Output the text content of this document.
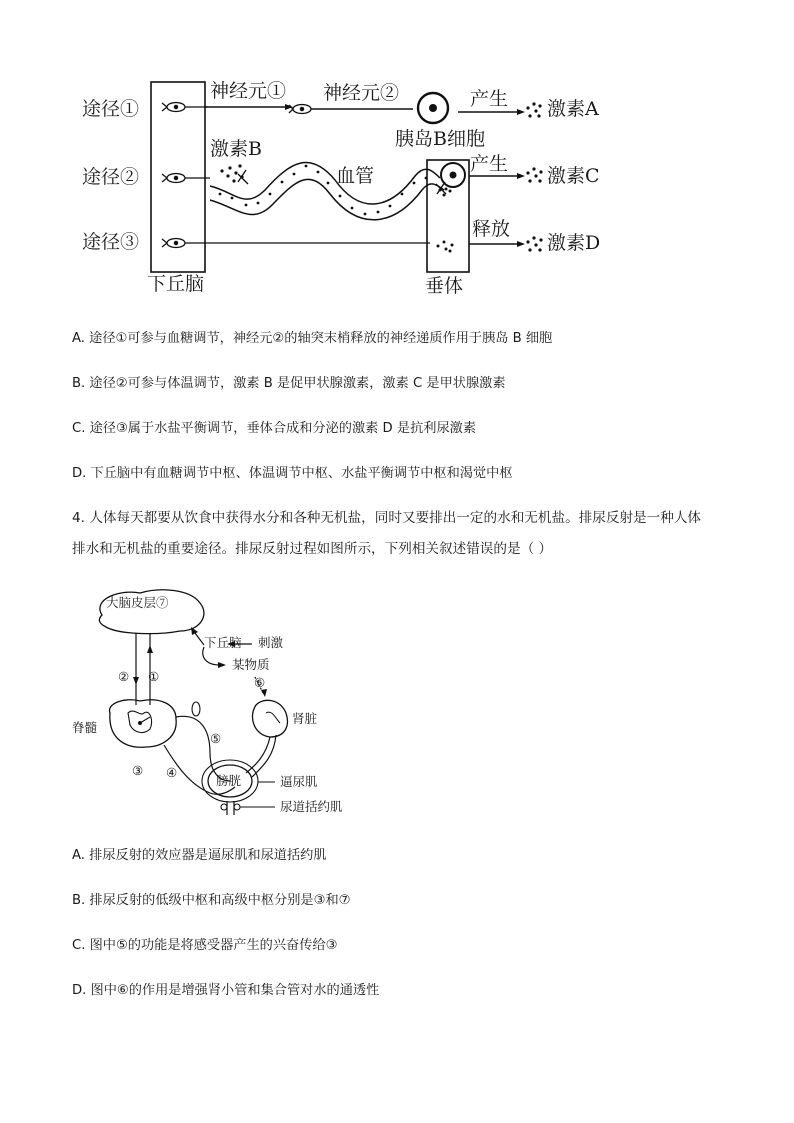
途径①
途径②
途径③
下丘脑	垂体
神经元① 神经元②
胰岛B细胞
产生
产生
释放
激素A
激素B
激素C
激素D
血管
A. 途径①可参与血糖调节，神经元②的轴突末梢释放的神经递质作用于胰岛 B 细胞
B. 途径②可参与体温调节，激素 B 是促甲状腺激素，激素 C 是甲状腺激素
C. 途径③属于水盐平衡调节，垂体合成和分泌的激素 D 是抗利尿激素
D. 下丘脑中有血糖调节中枢、体温调节中枢、水盐平衡调节中枢和渴觉中枢
4. 人体每天都要从饮食中获得水分和各种无机盐，同时又要排出一定的水和无机盐。排尿反射是一种人体
排水和无机盐的重要途径。排尿反射过程如图所示，下列相关叙述错误的是（ ）
大脑皮层⑦
下丘脑 刺激
某物质
肾脏
脊髓
膀胱	逼尿肌
尿道括约肌
①
②
③ ④
⑤
⑥
A. 排尿反射的效应器是逼尿肌和尿道括约肌
B. 排尿反射的低级中枢和高级中枢分别是③和⑦
C. 图中⑤的功能是将感受器产生的兴奋传给③
D. 图中⑥的作用是增强肾小管和集合管对水的通透性
